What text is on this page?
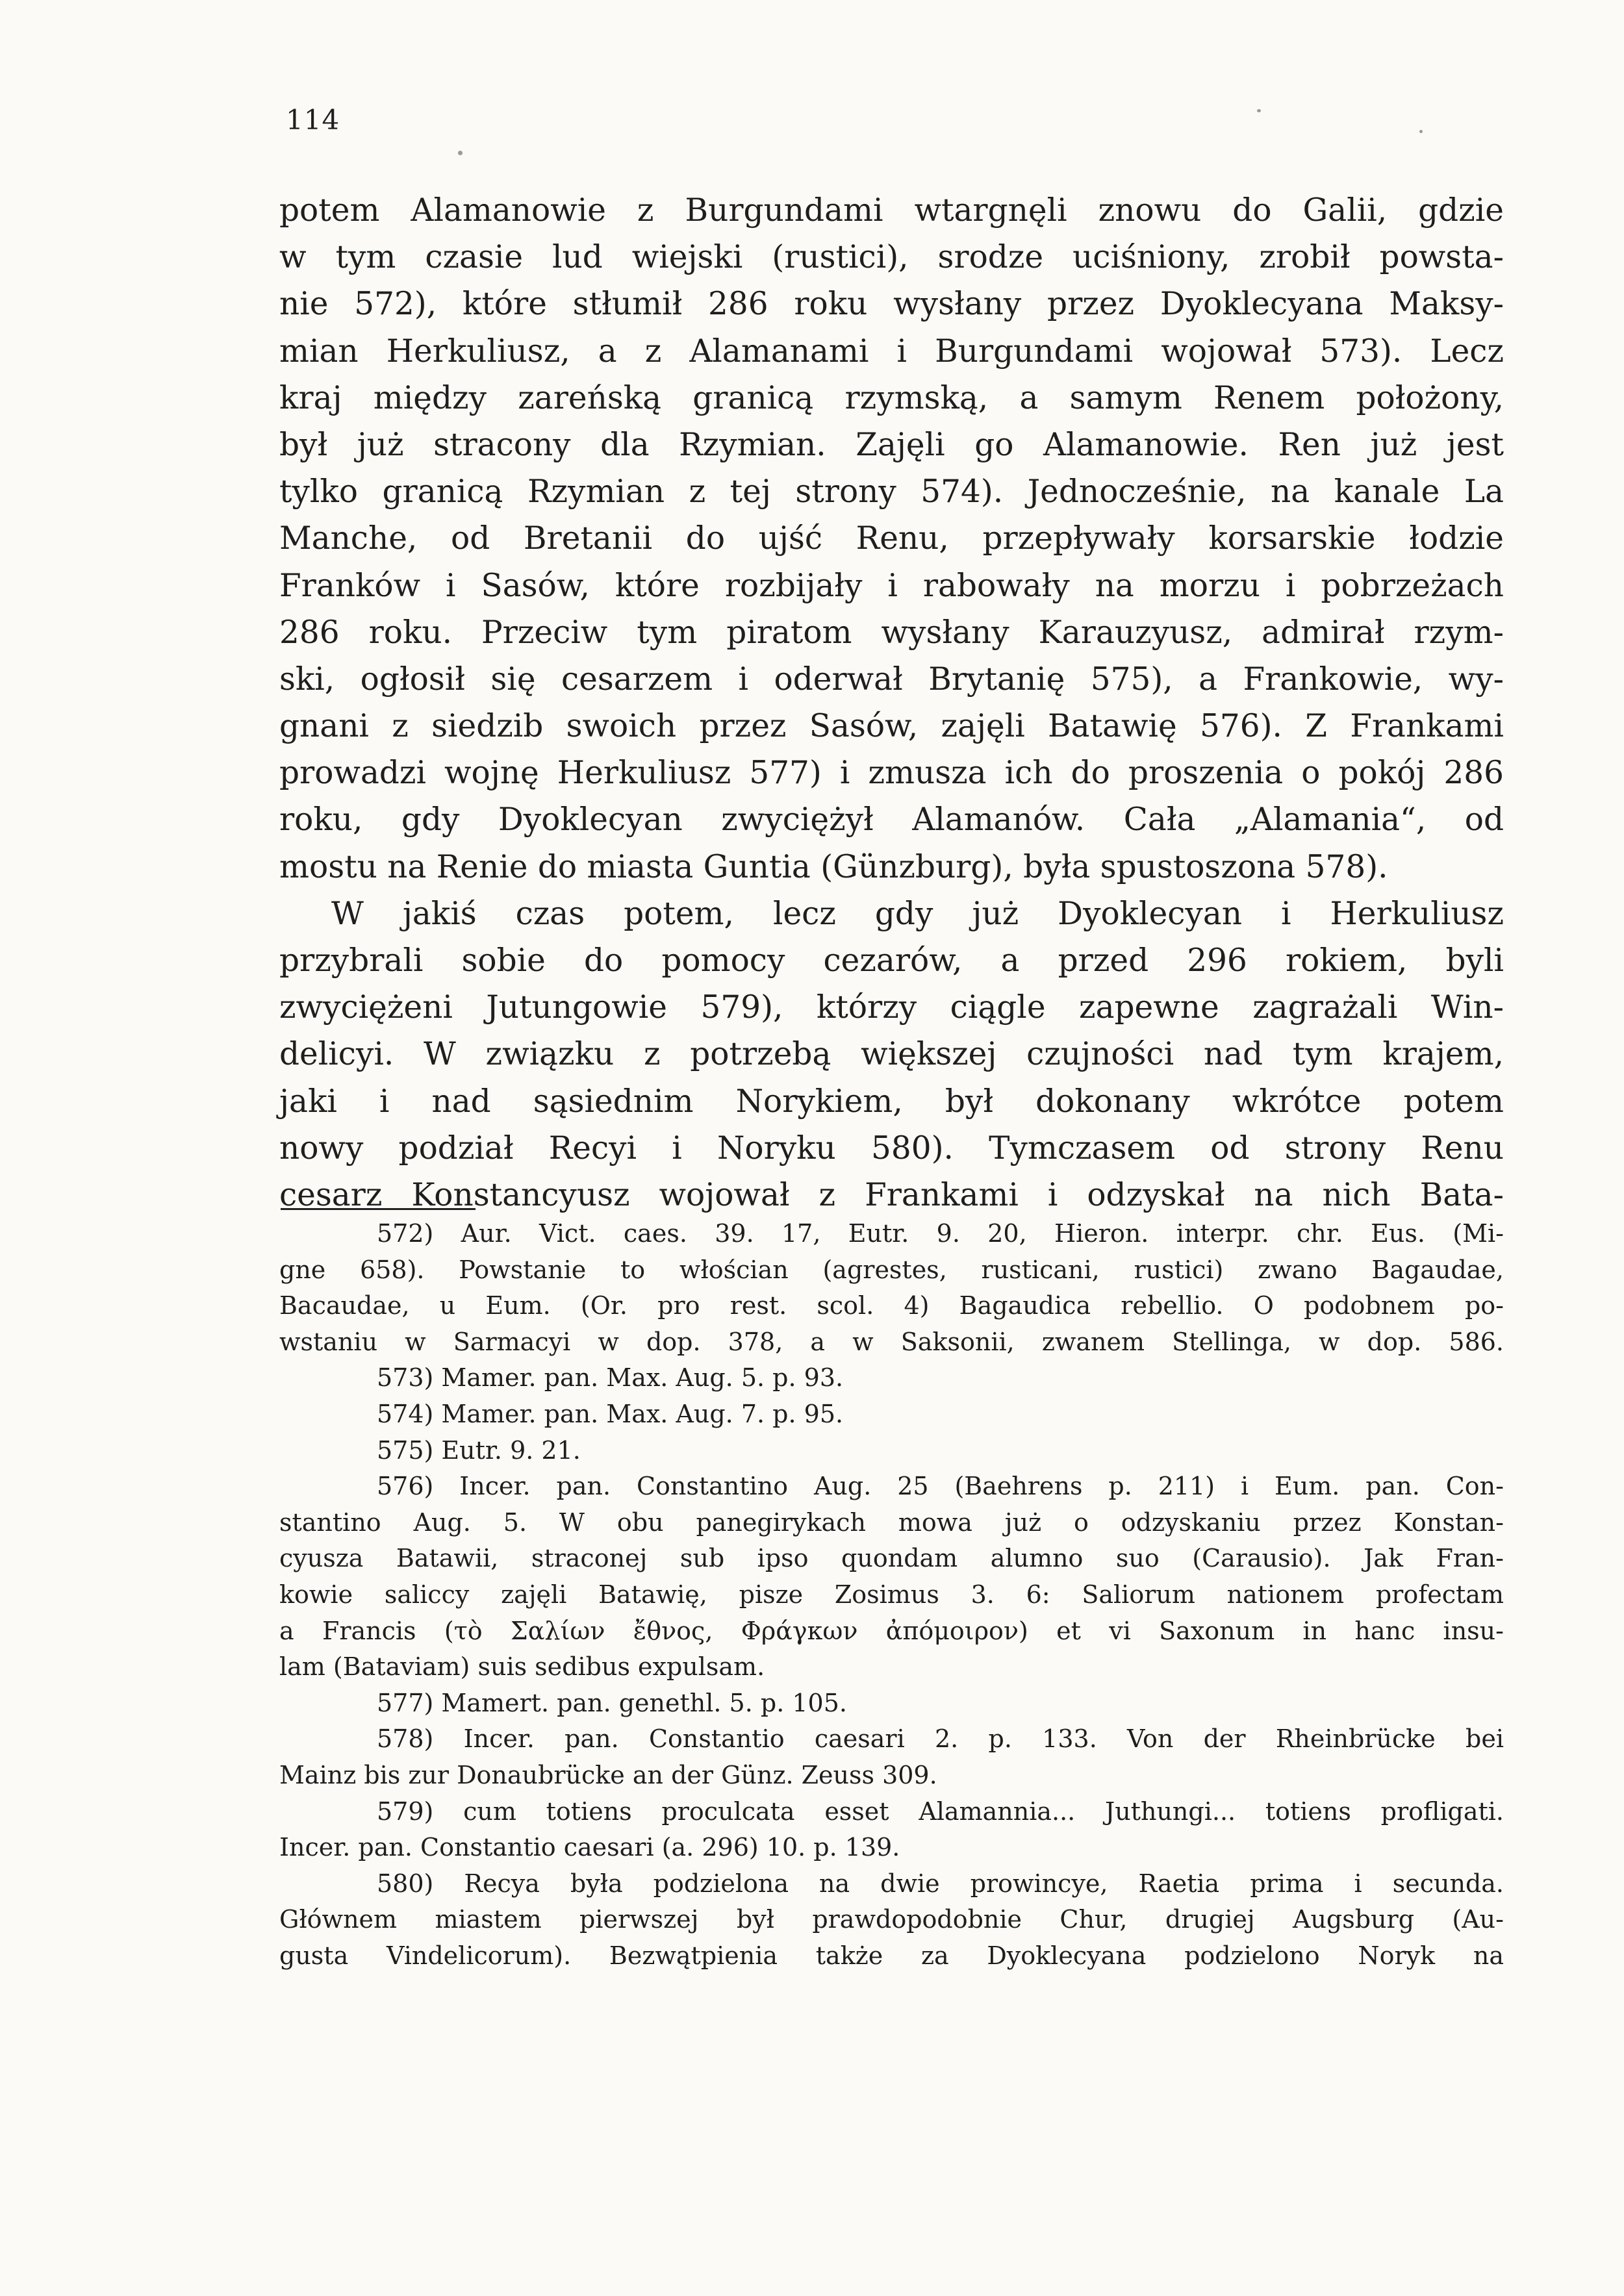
114
potem Alamanowie z Burgundami wtargnęli znowu do Galii, gdzie
w tym czasie lud wiejski (rustici), srodze uciśniony, zrobił powsta-
nie 572), które stłumił 286 roku wysłany przez Dyoklecyana Maksy-
mian Herkuliusz, a z Alamanami i Burgundami wojował 573). Lecz
kraj między zareńską granicą rzymską, a samym Renem położony,
był już stracony dla Rzymian. Zajęli go Alamanowie. Ren już jest
tylko granicą Rzymian z tej strony 574). Jednocześnie, na kanale La
Manche, od Bretanii do ujść Renu, przepływały korsarskie łodzie
Franków i Sasów, które rozbijały i rabowały na morzu i pobrzeżach
286 roku. Przeciw tym piratom wysłany Karauzyusz, admirał rzym-
ski, ogłosił się cesarzem i oderwał Brytanię 575), a Frankowie, wy-
gnani z siedzib swoich przez Sasów, zajęli Batawię 576). Z Frankami
prowadzi wojnę Herkuliusz 577) i zmusza ich do proszenia o pokój 286
roku, gdy Dyoklecyan zwyciężył Alamanów. Cała „Alamania“, od
mostu na Renie do miasta Guntia (Günzburg), była spustoszona 578).
W jakiś czas potem, lecz gdy już Dyoklecyan i Herkuliusz
przybrali sobie do pomocy cezarów, a przed 296 rokiem, byli
zwyciężeni Jutungowie 579), którzy ciągle zapewne zagrażali Win-
delicyi. W związku z potrzebą większej czujności nad tym krajem,
jaki i nad sąsiednim Norykiem, był dokonany wkrótce potem
nowy podział Recyi i Noryku 580). Tymczasem od strony Renu
cesarz Konstancyusz wojował z Frankami i odzyskał na nich Bata-
572) Aur. Vict. caes. 39. 17, Eutr. 9. 20, Hieron. interpr. chr. Eus. (Mi-
gne 658). Powstanie to włościan (agrestes, rusticani, rustici) zwano Bagaudae,
Bacaudae, u Eum. (Or. pro rest. scol. 4) Bagaudica rebellio. O podobnem po-
wstaniu w Sarmacyi w dop. 378, a w Saksonii, zwanem Stellinga, w dop. 586.
573) Mamer. pan. Max. Aug. 5. p. 93.
574) Mamer. pan. Max. Aug. 7. p. 95.
575) Eutr. 9. 21.
576) Incer. pan. Constantino Aug. 25 (Baehrens p. 211) i Eum. pan. Con-
stantino Aug. 5. W obu panegirykach mowa już o odzyskaniu przez Konstan-
cyusza Batawii, straconej sub ipso quondam alumno suo (Carausio). Jak Fran-
kowie saliccy zajęli Batawię, pisze Zosimus 3. 6: Saliorum nationem profectam
a Francis (τὸ Σαλίων ἔθνος, Φράγκων ἀπόμοιρον) et vi Saxonum in hanc insu-
lam (Bataviam) suis sedibus expulsam.
577) Mamert. pan. genethl. 5. p. 105.
578) Incer. pan. Constantio caesari 2. p. 133. Von der Rheinbrücke bei
Mainz bis zur Donaubrücke an der Günz. Zeuss 309.
579) cum totiens proculcata esset Alamannia... Juthungi... totiens profligati.
Incer. pan. Constantio caesari (a. 296) 10. p. 139.
580) Recya była podzielona na dwie prowincye, Raetia prima i secunda.
Głównem miastem pierwszej był prawdopodobnie Chur, drugiej Augsburg (Au-
gusta Vindelicorum). Bezwątpienia także za Dyoklecyana podzielono Noryk na
